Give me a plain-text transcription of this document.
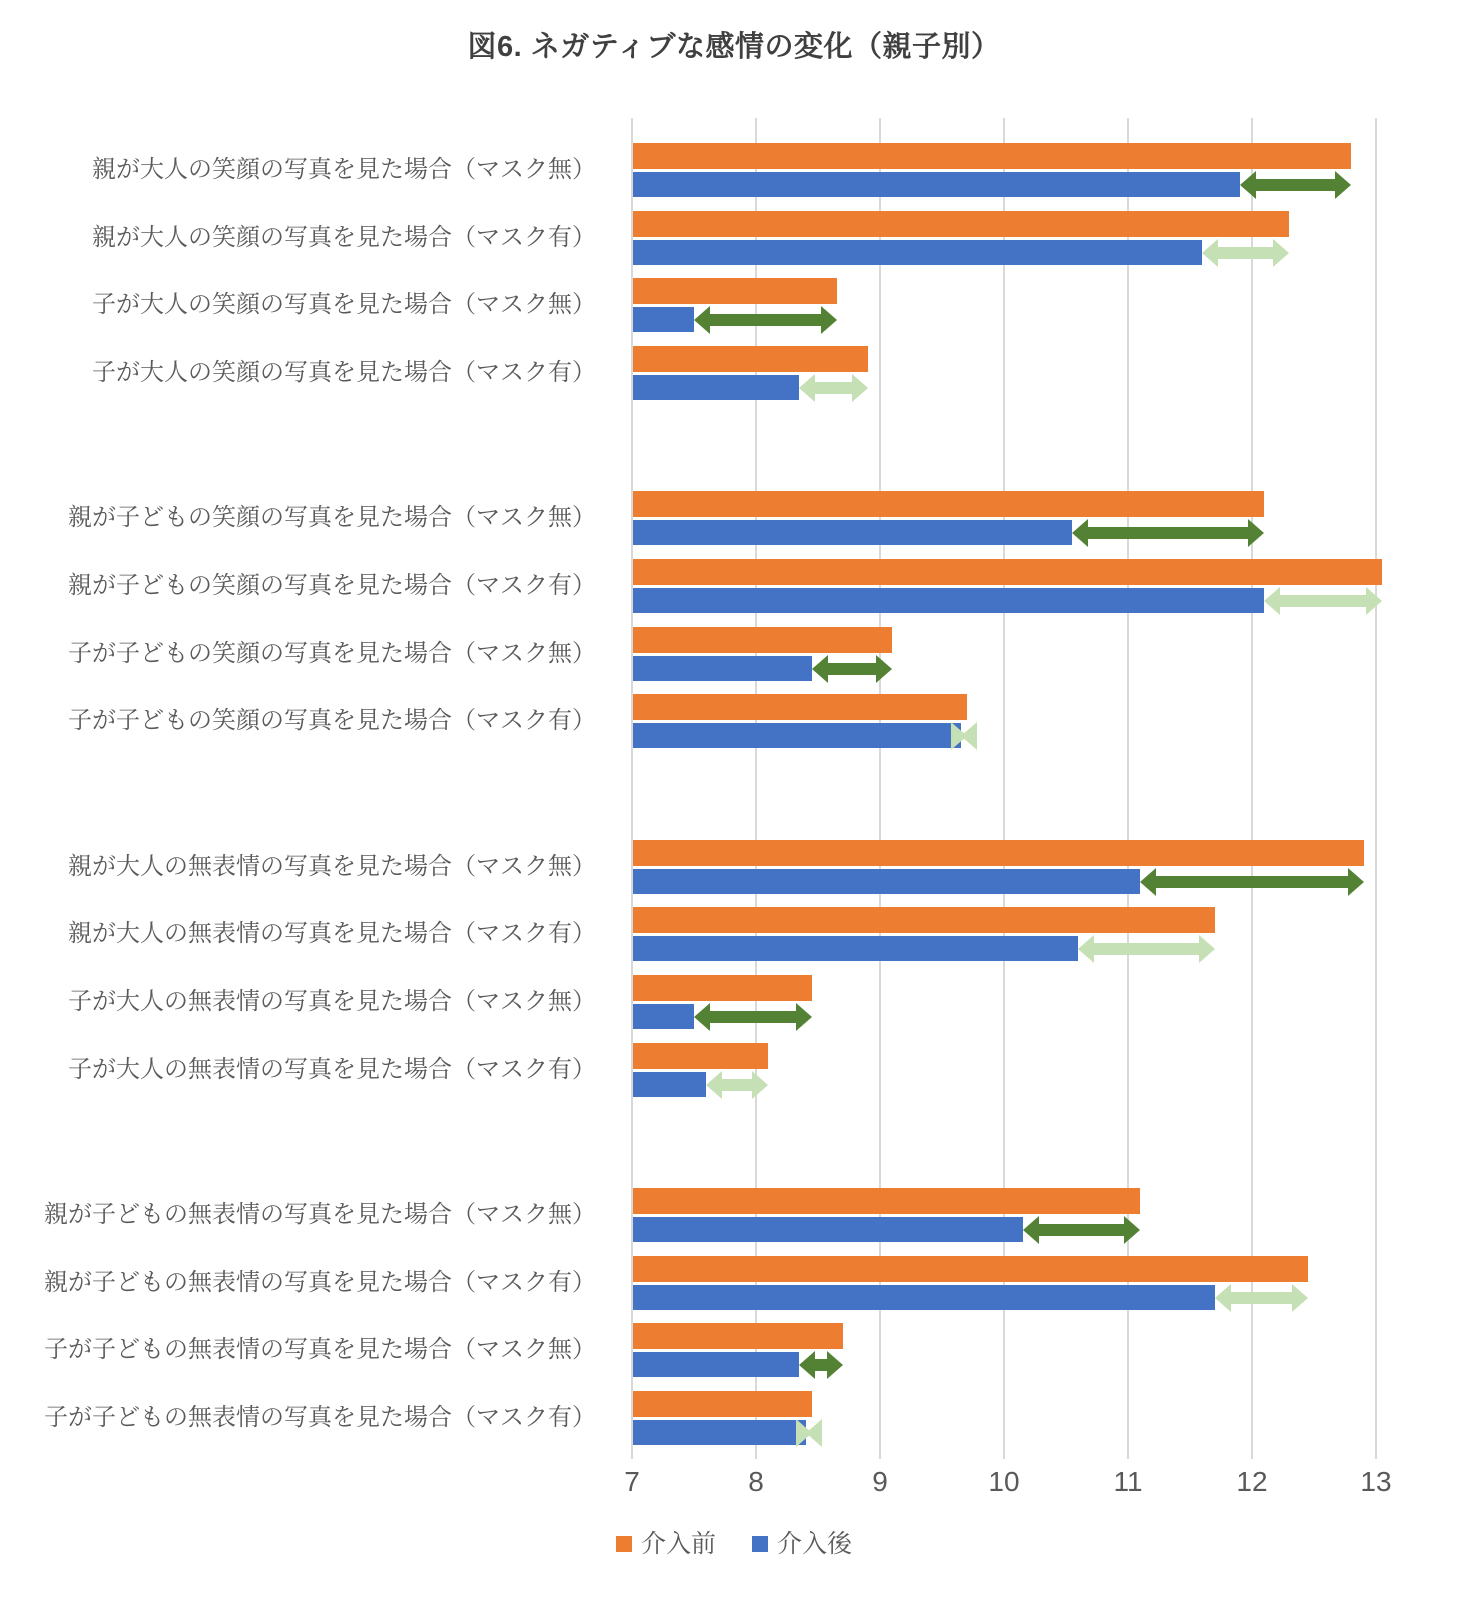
図6. ネガティブな感情の変化（親子別）
親が大人の笑顔の写真を見た場合（マスク無）
親が大人の笑顔の写真を見た場合（マスク有）
子が大人の笑顔の写真を見た場合（マスク無）
子が大人の笑顔の写真を見た場合（マスク有）
親が子どもの笑顔の写真を見た場合（マスク無）
親が子どもの笑顔の写真を見た場合（マスク有）
子が子どもの笑顔の写真を見た場合（マスク無）
子が子どもの笑顔の写真を見た場合（マスク有）
親が大人の無表情の写真を見た場合（マスク無）
親が大人の無表情の写真を見た場合（マスク有）
子が大人の無表情の写真を見た場合（マスク無）
子が大人の無表情の写真を見た場合（マスク有）
親が子どもの無表情の写真を見た場合（マスク無）
親が子どもの無表情の写真を見た場合（マスク有）
子が子どもの無表情の写真を見た場合（マスク無）
子が子どもの無表情の写真を見た場合（マスク有）
7	8	9	10	11	12	13
介入前 介入後
